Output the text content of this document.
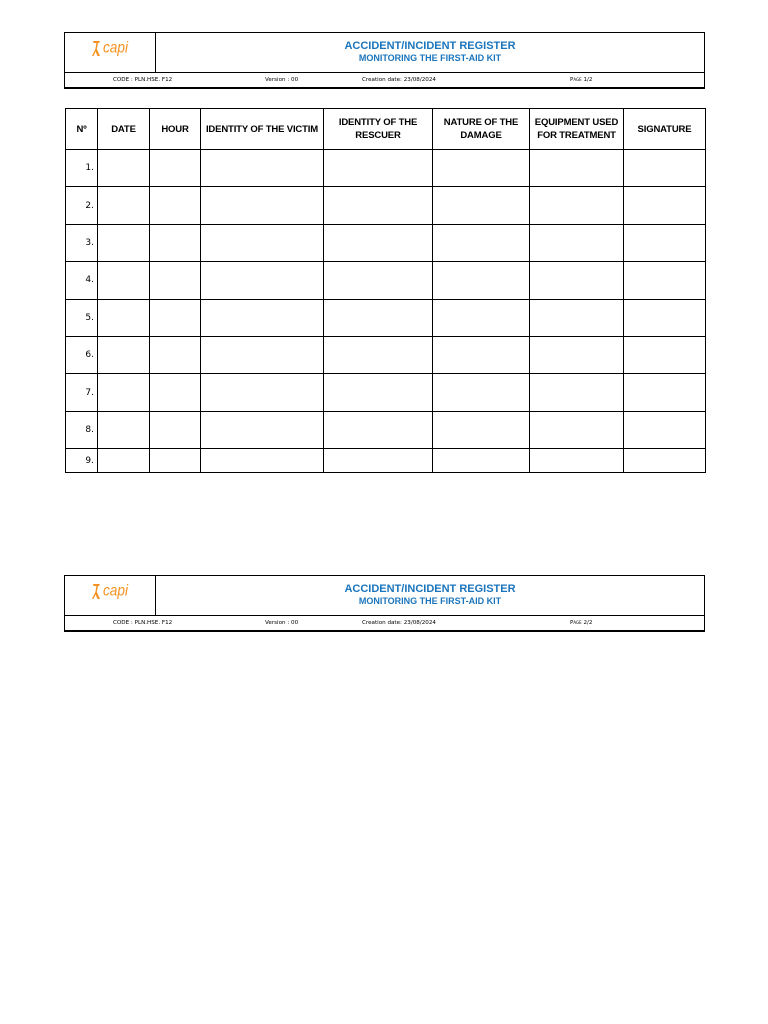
capi	ACCIDENT/INCIDENT REGISTER
MONITORING THE FIRST-AID KIT
CODE : PLN.HSE. F12	Version : 00	Creation date: 23/08/2024	Page 1/2
Nº	DATE	HOUR	IDENTITY OF THE VICTIM	IDENTITY OF THE RESCUER	NATURE OF THE DAMAGE	EQUIPMENT USED FOR TREATMENT	SIGNATURE
1.							
2.							
3.							
4.							
5.							
6.							
7.							
8.							
9.							
capi	ACCIDENT/INCIDENT REGISTER
MONITORING THE FIRST-AID KIT
CODE : PLN.HSE. F12	Version : 00	Creation date: 23/08/2024	Page 2/2
